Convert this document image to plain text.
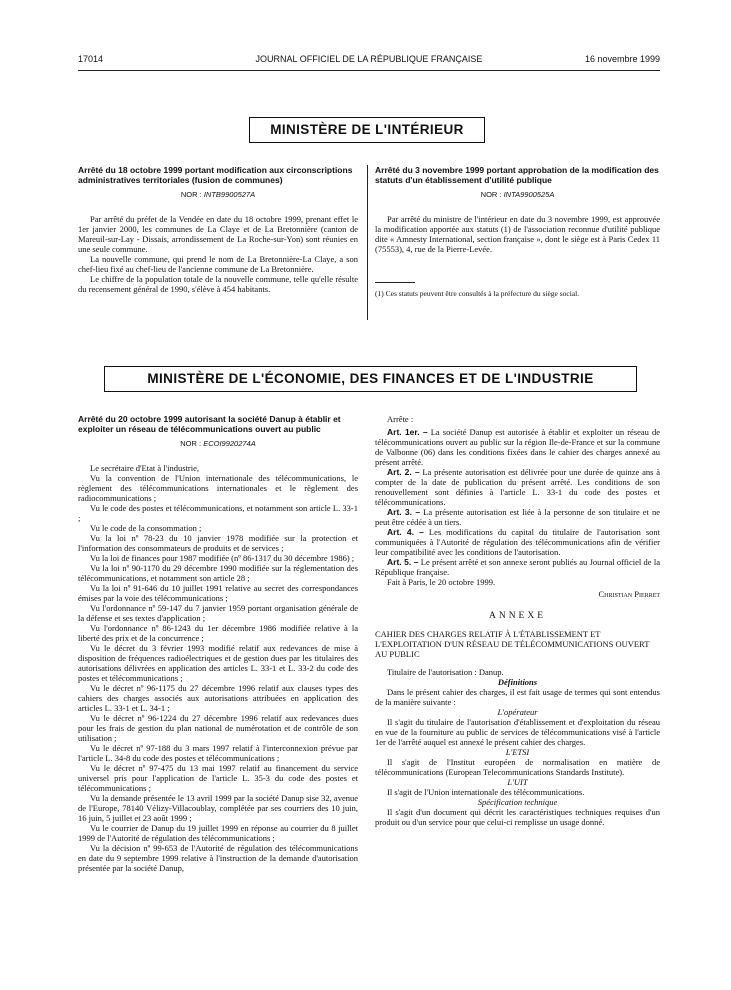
17014	JOURNAL OFFICIEL DE LA RÉPUBLIQUE FRANÇAISE	16 novembre 1999
MINISTÈRE DE L'INTÉRIEUR

Arrêté du 18 octobre 1999 portant modification aux circonscriptions administratives territoriales (fusion de communes)

NOR : INTB9900527A

Par arrêté du préfet de la Vendée en date du 18 octobre 1999, prenant effet le 1er janvier 2000, les communes de La Claye et de La Bretonnière (canton de Mareuil-sur-Lay - Dissais, arrondissement de La Roche-sur-Yon) sont réunies en une seule commune.

La nouvelle commune, qui prend le nom de La Bretonnière-La Claye, a son chef-lieu fixé au chef-lieu de l'ancienne commune de La Bretonnière.

Le chiffre de la population totale de la nouvelle commune, telle qu'elle résulte du recensement général de 1990, s'élève à 454 habitants.

Arrêté du 3 novembre 1999 portant approbation de la modification des statuts d'un établissement d'utilité publique

NOR : INTA9900525A

Par arrêté du ministre de l'intérieur en date du 3 novembre 1999, est approuvée la modification apportée aux statuts (1) de l'association reconnue d'utilité publique dite « Amnesty International, section française », dont le siège est à Paris Cedex 11 (75553), 4, rue de la Pierre-Levée.

(1) Ces statuts peuvent être consultés à la préfecture du siège social.

MINISTÈRE DE L'ÉCONOMIE, DES FINANCES ET DE L'INDUSTRIE

Arrêté du 20 octobre 1999 autorisant la société Danup à établir et exploiter un réseau de télécommunications ouvert au public

NOR : ECOI9920274A

Le secrétaire d'Etat à l'industrie,

Vu la convention de l'Union internationale des télécommunications, le règlement des télécommunications internationales et le règlement des radiocommunications ;

Vu le code des postes et télécommunications, et notamment son article L. 33-1 ;

Vu le code de la consommation ;

Vu la loi nº 78-23 du 10 janvier 1978 modifiée sur la protection et l'information des consommateurs de produits et de services ;

Vu la loi de finances pour 1987 modifiée (nº 86-1317 du 30 décembre 1986) ;

Vu la loi nº 90-1170 du 29 décembre 1990 modifiée sur la réglementation des télécommunications, et notamment son article 28 ;

Vu la loi nº 91-646 du 10 juillet 1991 relative au secret des correspondances émises par la voie des télécommunications ;

Vu l'ordonnance nº 59-147 du 7 janvier 1959 portant organisation générale de la défense et ses textes d'application ;

Vu l'ordonnance nº 86-1243 du 1er décembre 1986 modifiée relative à la liberté des prix et de la concurrence ;

Vu le décret du 3 février 1993 modifié relatif aux redevances de mise à disposition de fréquences radioélectriques et de gestion dues par les titulaires des autorisations délivrées en application des articles L. 33-1 et L. 33-2 du code des postes et télécommunications ;

Vu le décret nº 96-1175 du 27 décembre 1996 relatif aux clauses types des cahiers des charges associés aux autorisations attribuées en application des articles L. 33-1 et L. 34-1 ;

Vu le décret nº 96-1224 du 27 décembre 1996 relatif aux redevances dues pour les frais de gestion du plan national de numérotation et de contrôle de son utilisation ;

Vu le décret nº 97-188 du 3 mars 1997 relatif à l'interconnexion prévue par l'article L. 34-8 du code des postes et télécommunications ;

Vu le décret nº 97-475 du 13 mai 1997 relatif au financement du service universel pris pour l'application de l'article L. 35-3 du code des postes et télécommunications ;

Vu la demande présentée le 13 avril 1999 par la société Danup sise 32, avenue de l'Europe, 78140 Vélizy-Villacoublay, complétée par ses courriers des 10 juin, 16 juin, 5 juillet et 23 août 1999 ;

Vu le courrier de Danup du 19 juillet 1999 en réponse au courrier du 8 juillet 1999 de l'Autorité de régulation des télécommunications ;

Vu la décision nº 99-653 de l'Autorité de régulation des télécommunications en date du 9 septembre 1999 relative à l'instruction de la demande d'autorisation présentée par la société Danup,

Arrête :

Art. 1er. – La société Danup est autorisée à établir et exploiter un réseau de télécommunications ouvert au public sur la région Ile-de-France et sur la commune de Valbonne (06) dans les conditions fixées dans le cahier des charges annexé au présent arrêté.

Art. 2. – La présente autorisation est délivrée pour une durée de quinze ans à compter de la date de publication du présent arrêté. Les conditions de son renouvellement sont définies à l'article L. 33-1 du code des postes et télécommunications.

Art. 3. – La présente autorisation est liée à la personne de son titulaire et ne peut être cédée à un tiers.

Art. 4. – Les modifications du capital du titulaire de l'autorisation sont communiquées à l'Autorité de régulation des télécommunications afin de vérifier leur compatibilité avec les conditions de l'autorisation.

Art. 5. – Le présent arrêté et son annexe seront publiés au Journal officiel de la République française.

Fait à Paris, le 20 octobre 1999.

Christian Pierret
ANNEXE

CAHIER DES CHARGES RELATIF À L'ÉTABLISSEMENT ET L'EXPLOITATION D'UN RÉSEAU DE TÉLÉCOMMUNICATIONS OUVERT AU PUBLIC

Titulaire de l'autorisation : Danup.

Définitions

Dans le présent cahier des charges, il est fait usage de termes qui sont entendus de la manière suivante :

L'opérateur

Il s'agit du titulaire de l'autorisation d'établissement et d'exploitation du réseau en vue de la fourniture au public de services de télécommunications visé à l'article 1er de l'arrêté auquel est annexé le présent cahier des charges.

L'ETSI

Il s'agit de l'Institut européen de normalisation en matière de télécommunications (European Telecommunications Standards Institute).

L'UIT

Il s'agit de l'Union internationale des télécommunications.

Spécification technique

Il s'agit d'un document qui décrit les caractéristiques techniques requises d'un produit ou d'un service pour que celui-ci remplisse un usage donné.
